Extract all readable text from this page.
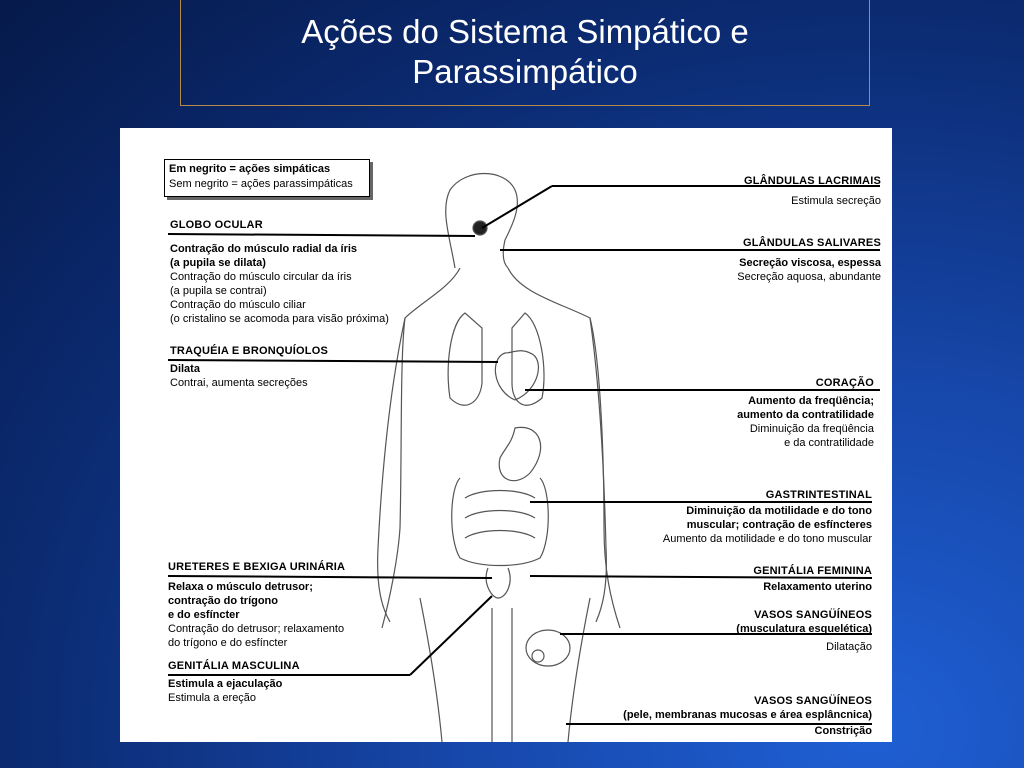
Ações do Sistema Simpático e
Parassimpático
Em negrito = ações simpáticas
Sem negrito = ações parassimpáticas
GLOBO OCULAR
Contração do músculo radial da íris
(a pupila se dilata)
Contração do músculo circular da íris
(a pupila se contrai)
Contração do músculo ciliar
(o cristalino se acomoda para visão próxima)
TRAQUÉIA E BRONQUÍOLOS
Dilata
Contrai, aumenta secreções
URETERES E BEXIGA URINÁRIA
Relaxa o músculo detrusor;
contração do trígono
e do esfíncter
Contração do detrusor; relaxamento
do trígono e do esfíncter
GENITÁLIA MASCULINA
Estimula a ejaculação
Estimula a ereção
GLÂNDULAS LACRIMAIS
Estimula secreção
GLÂNDULAS SALIVARES
Secreção viscosa, espessa
Secreção aquosa, abundante
CORAÇÃO
Aumento da freqüência;
aumento da contratilidade
Diminuição da freqüência
e da contratilidade
GASTRINTESTINAL
Diminuição da motilidade e do tono
muscular; contração de esfíncteres
Aumento da motilidade e do tono muscular
GENITÁLIA FEMININA
Relaxamento uterino
VASOS SANGÜÍNEOS
(musculatura esquelética)
Dilatação
VASOS SANGÜÍNEOS
(pele, membranas mucosas e área esplâncnica)
Constrição
